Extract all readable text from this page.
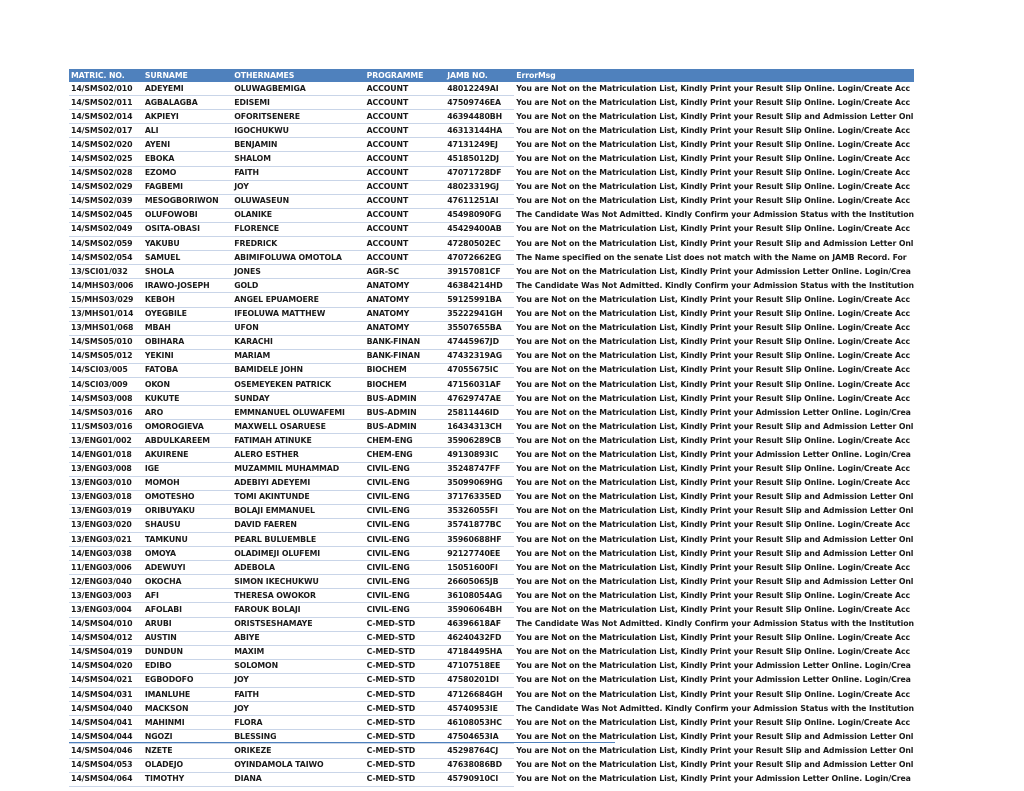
MATRIC. NO.	SURNAME	OTHERNAMES	PROGRAMME	JAMB NO.	ErrorMsg
14/SMS02/010	ADEYEMI	OLUWAGBEMIGA	ACCOUNT	48012249AI	You are Not on the Matriculation List, Kindly Print your Result Slip Online. Login/Create Acc
14/SMS02/011	AGBALAGBA	EDISEMI	ACCOUNT	47509746EA	You are Not on the Matriculation List, Kindly Print your Result Slip Online. Login/Create Acc
14/SMS02/014	AKPIEYI	OFORITSENERE	ACCOUNT	46394480BH	You are Not on the Matriculation List, Kindly Print your Result Slip and Admission Letter Onl
14/SMS02/017	ALI	IGOCHUKWU	ACCOUNT	46313144HA	You are Not on the Matriculation List, Kindly Print your Result Slip Online. Login/Create Acc
14/SMS02/020	AYENI	BENJAMIN	ACCOUNT	47131249EJ	You are Not on the Matriculation List, Kindly Print your Result Slip Online. Login/Create Acc
14/SMS02/025	EBOKA	SHALOM	ACCOUNT	45185012DJ	You are Not on the Matriculation List, Kindly Print your Result Slip Online. Login/Create Acc
14/SMS02/028	EZOMO	FAITH	ACCOUNT	47071728DF	You are Not on the Matriculation List, Kindly Print your Result Slip Online. Login/Create Acc
14/SMS02/029	FAGBEMI	JOY	ACCOUNT	48023319GJ	You are Not on the Matriculation List, Kindly Print your Result Slip Online. Login/Create Acc
14/SMS02/039	MESOGBORIWON	OLUWASEUN	ACCOUNT	47611251AI	You are Not on the Matriculation List, Kindly Print your Result Slip Online. Login/Create Acc
14/SMS02/045	OLUFOWOBI	OLANIKE	ACCOUNT	45498090FG	The Candidate Was Not Admitted. Kindly Confirm your Admission Status with the Institution
14/SMS02/049	OSITA-OBASI	FLORENCE	ACCOUNT	45429400AB	You are Not on the Matriculation List, Kindly Print your Result Slip Online. Login/Create Acc
14/SMS02/059	YAKUBU	FREDRICK	ACCOUNT	47280502EC	You are Not on the Matriculation List, Kindly Print your Result Slip and Admission Letter Onl
14/SMS02/054	SAMUEL	ABIMIFOLUWA OMOTOLA	ACCOUNT	47072662EG	The Name specified on the senate List does not match with the Name on JAMB Record. For
13/SCI01/032	SHOLA	JONES	AGR-SC	39157081CF	You are Not on the Matriculation List, Kindly Print your Admission Letter Online. Login/Crea
14/MHS03/006	IRAWO-JOSEPH	GOLD	ANATOMY	46384214HD	The Candidate Was Not Admitted. Kindly Confirm your Admission Status with the Institution
15/MHS03/029	KEBOH	ANGEL EPUAMOERE	ANATOMY	59125991BA	You are Not on the Matriculation List, Kindly Print your Result Slip Online. Login/Create Acc
13/MHS01/014	OYEGBILE	IFEOLUWA MATTHEW	ANATOMY	35222941GH	You are Not on the Matriculation List, Kindly Print your Result Slip Online. Login/Create Acc
13/MHS01/068	MBAH	UFON	ANATOMY	35507655BA	You are Not on the Matriculation List, Kindly Print your Result Slip Online. Login/Create Acc
14/SMS05/010	OBIHARA	KARACHI	BANK-FINAN	47445967JD	You are Not on the Matriculation List, Kindly Print your Result Slip Online. Login/Create Acc
14/SMS05/012	YEKINI	MARIAM	BANK-FINAN	47432319AG	You are Not on the Matriculation List, Kindly Print your Result Slip Online. Login/Create Acc
14/SCI03/005	FATOBA	BAMIDELE JOHN	BIOCHEM	47055675IC	You are Not on the Matriculation List, Kindly Print your Result Slip Online. Login/Create Acc
14/SCI03/009	OKON	OSEMEYEKEN PATRICK	BIOCHEM	47156031AF	You are Not on the Matriculation List, Kindly Print your Result Slip Online. Login/Create Acc
14/SMS03/008	KUKUTE	SUNDAY	BUS-ADMIN	47629747AE	You are Not on the Matriculation List, Kindly Print your Result Slip Online. Login/Create Acc
14/SMS03/016	ARO	EMMNANUEL OLUWAFEMI	BUS-ADMIN	25811446ID	You are Not on the Matriculation List, Kindly Print your Admission Letter Online. Login/Crea
11/SMS03/016	OMOROGIEVA	MAXWELL OSARUESE	BUS-ADMIN	16434313CH	You are Not on the Matriculation List, Kindly Print your Result Slip and Admission Letter Onl
13/ENG01/002	ABDULKAREEM	FATIMAH ATINUKE	CHEM-ENG	35906289CB	You are Not on the Matriculation List, Kindly Print your Result Slip Online. Login/Create Acc
14/ENG01/018	AKUIRENE	ALERO ESTHER	CHEM-ENG	49130893IC	You are Not on the Matriculation List, Kindly Print your Admission Letter Online. Login/Crea
13/ENG03/008	IGE	MUZAMMIL MUHAMMAD	CIVIL-ENG	35248747FF	You are Not on the Matriculation List, Kindly Print your Result Slip Online. Login/Create Acc
13/ENG03/010	MOMOH	ADEBIYI ADEYEMI	CIVIL-ENG	35099069HG	You are Not on the Matriculation List, Kindly Print your Result Slip Online. Login/Create Acc
13/ENG03/018	OMOTESHO	TOMI AKINTUNDE	CIVIL-ENG	37176335ED	You are Not on the Matriculation List, Kindly Print your Result Slip and Admission Letter Onl
13/ENG03/019	ORIBUYAKU	BOLAJI EMMANUEL	CIVIL-ENG	35326055FI	You are Not on the Matriculation List, Kindly Print your Result Slip and Admission Letter Onl
13/ENG03/020	SHAUSU	DAVID FAEREN	CIVIL-ENG	35741877BC	You are Not on the Matriculation List, Kindly Print your Result Slip Online. Login/Create Acc
13/ENG03/021	TAMKUNU	PEARL BULUEMBLE	CIVIL-ENG	35960688HF	You are Not on the Matriculation List, Kindly Print your Result Slip and Admission Letter Onl
14/ENG03/038	OMOYA	OLADIMEJI OLUFEMI	CIVIL-ENG	92127740EE	You are Not on the Matriculation List, Kindly Print your Result Slip and Admission Letter Onl
11/ENG03/006	ADEWUYI	ADEBOLA	CIVIL-ENG	15051600FI	You are Not on the Matriculation List, Kindly Print your Result Slip Online. Login/Create Acc
12/ENG03/040	OKOCHA	SIMON IKECHUKWU	CIVIL-ENG	26605065JB	You are Not on the Matriculation List, Kindly Print your Result Slip and Admission Letter Onl
13/ENG03/003	AFI	THERESA OWOKOR	CIVIL-ENG	36108054AG	You are Not on the Matriculation List, Kindly Print your Result Slip Online. Login/Create Acc
13/ENG03/004	AFOLABI	FAROUK BOLAJI	CIVIL-ENG	35906064BH	You are Not on the Matriculation List, Kindly Print your Result Slip Online. Login/Create Acc
14/SMS04/010	ARUBI	ORISTSESHAMAYE	C-MED-STD	46396618AF	The Candidate Was Not Admitted. Kindly Confirm your Admission Status with the Institution
14/SMS04/012	AUSTIN	ABIYE	C-MED-STD	46240432FD	You are Not on the Matriculation List, Kindly Print your Result Slip Online. Login/Create Acc
14/SMS04/019	DUNDUN	MAXIM	C-MED-STD	47184495HA	You are Not on the Matriculation List, Kindly Print your Result Slip Online. Login/Create Acc
14/SMS04/020	EDIBO	SOLOMON	C-MED-STD	47107518EE	You are Not on the Matriculation List, Kindly Print your Admission Letter Online. Login/Crea
14/SMS04/021	EGBODOFO	JOY	C-MED-STD	47580201DI	You are Not on the Matriculation List, Kindly Print your Admission Letter Online. Login/Crea
14/SMS04/031	IMANLUHE	FAITH	C-MED-STD	47126684GH	You are Not on the Matriculation List, Kindly Print your Result Slip Online. Login/Create Acc
14/SMS04/040	MACKSON	JOY	C-MED-STD	45740953IE	The Candidate Was Not Admitted. Kindly Confirm your Admission Status with the Institution
14/SMS04/041	MAHINMI	FLORA	C-MED-STD	46108053HC	You are Not on the Matriculation List, Kindly Print your Result Slip Online. Login/Create Acc
14/SMS04/044	NGOZI	BLESSING	C-MED-STD	47504653IA	You are Not on the Matriculation List, Kindly Print your Result Slip and Admission Letter Onl
14/SMS04/046	NZETE	ORIKEZE	C-MED-STD	45298764CJ	You are Not on the Matriculation List, Kindly Print your Result Slip and Admission Letter Onl
14/SMS04/053	OLADEJO	OYINDAMOLA TAIWO	C-MED-STD	47638086BD	You are Not on the Matriculation List, Kindly Print your Result Slip and Admission Letter Onl
14/SMS04/064	TIMOTHY	DIANA	C-MED-STD	45790910CI	You are Not on the Matriculation List, Kindly Print your Admission Letter Online. Login/Crea
